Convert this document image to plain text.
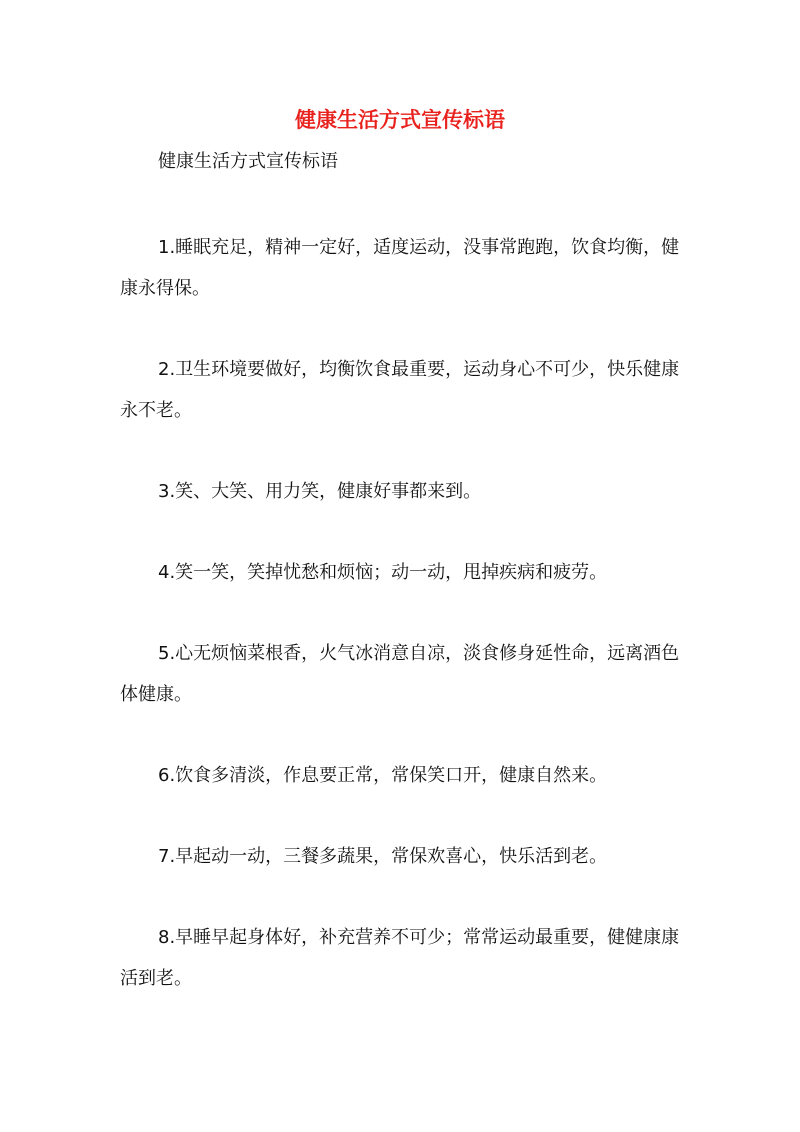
健康生活方式宣传标语
健康生活方式宣传标语

1.睡眠充足，精神一定好，适度运动，没事常跑跑，饮食均衡，健康永得保。

2.卫生环境要做好，均衡饮食最重要，运动身心不可少，快乐健康永不老。

3.笑、大笑、用力笑，健康好事都来到。

4.笑一笑，笑掉忧愁和烦恼；动一动，甩掉疾病和疲劳。

5.心无烦恼菜根香，火气冰消意自凉，淡食修身延性命，远离酒色体健康。

6.饮食多清淡，作息要正常，常保笑口开，健康自然来。

7.早起动一动，三餐多蔬果，常保欢喜心，快乐活到老。

8.早睡早起身体好，补充营养不可少；常常运动最重要，健健康康活到老。
